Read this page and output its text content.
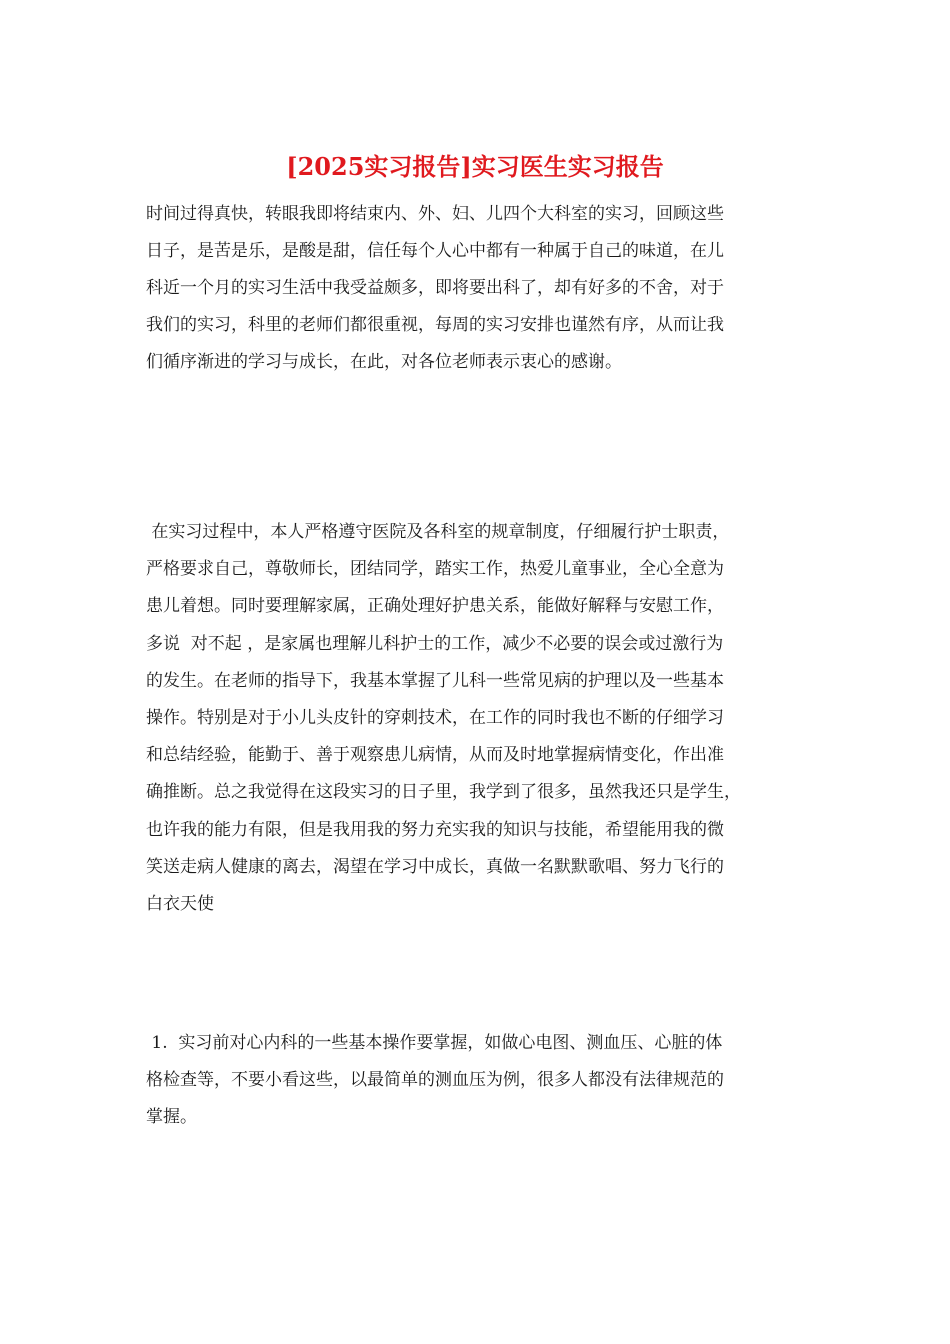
[2025实习报告]实习医生实习报告
时间过得真快，转眼我即将结束内、外、妇、儿四个大科室的实习，回顾这些
日子，是苦是乐，是酸是甜，信任每个人心中都有一种属于自己的味道，在儿
科近一个月的实习生活中我受益颇多，即将要出科了，却有好多的不舍，对于
我们的实习，科里的老师们都很重视，每周的实习安排也谨然有序，从而让我
们循序渐进的学习与成长，在此，对各位老师表示衷心的感谢。
在实习过程中，本人严格遵守医院及各科室的规章制度，仔细履行护士职责，
严格要求自己，尊敬师长，团结同学，踏实工作，热爱儿童事业，全心全意为
患儿着想。同时要理解家属，正确处理好护患关系，能做好解释与安慰工作，
多说  对不起 ，是家属也理解儿科护士的工作，减少不必要的误会或过激行为
的发生。在老师的指导下，我基本掌握了儿科一些常见病的护理以及一些基本
操作。特别是对于小儿头皮针的穿刺技术，在工作的同时我也不断的仔细学习
和总结经验，能勤于、善于观察患儿病情，从而及时地掌握病情变化，作出准
确推断。总之我觉得在这段实习的日子里，我学到了很多，虽然我还只是学生，
也许我的能力有限，但是我用我的努力充实我的知识与技能，希望能用我的微
笑送走病人健康的离去，渴望在学习中成长，真做一名默默歌唱、努力飞行的
白衣天使
1.  实习前对心内科的一些基本操作要掌握，如做心电图、测血压、心脏的体
格检查等，不要小看这些，以最简单的测血压为例，很多人都没有法律规范的
掌握。
